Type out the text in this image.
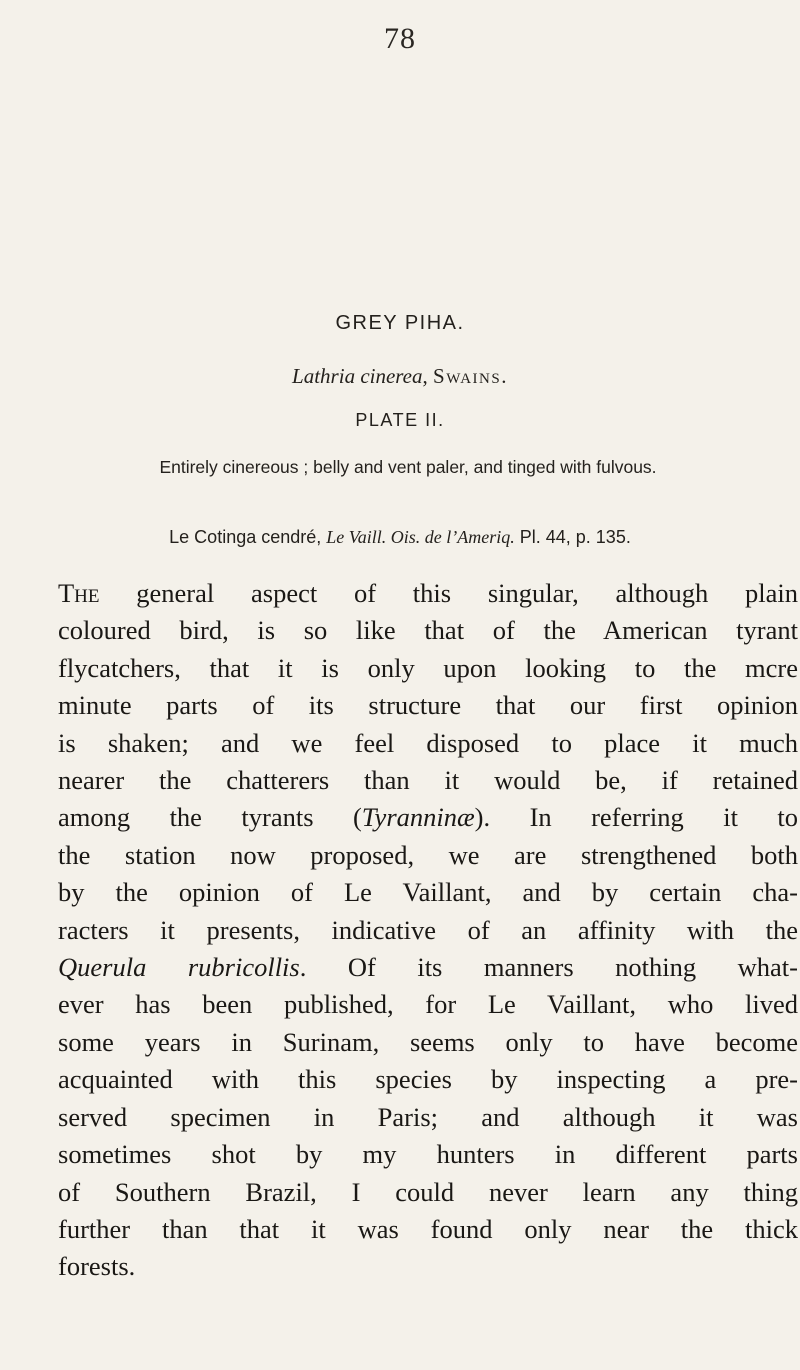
78
GREY PIHA.
Lathria cinerea, Swains.
PLATE II.
Entirely cinereous ; belly and vent paler, and tinged with fulvous.
Le Cotinga cendré, Le Vaill. Ois. de l’Ameriq. Pl. 44, p. 135.
The general aspect of this singular, although plain
coloured bird, is so like that of the American tyrant
flycatchers, that it is only upon looking to the mcre
minute parts of its structure that our first opinion
is shaken; and we feel disposed to place it much
nearer the chatterers than it would be, if retained
among the tyrants (Tyranninæ). In referring it to
the station now proposed, we are strengthened both
by the opinion of Le Vaillant, and by certain cha-
racters it presents, indicative of an affinity with the
Querula rubricollis. Of its manners nothing what-
ever has been published, for Le Vaillant, who lived
some years in Surinam, seems only to have become
acquainted with this species by inspecting a pre-
served specimen in Paris; and although it was
sometimes shot by my hunters in different parts
of Southern Brazil, I could never learn any thing
further than that it was found only near the thick
forests.
